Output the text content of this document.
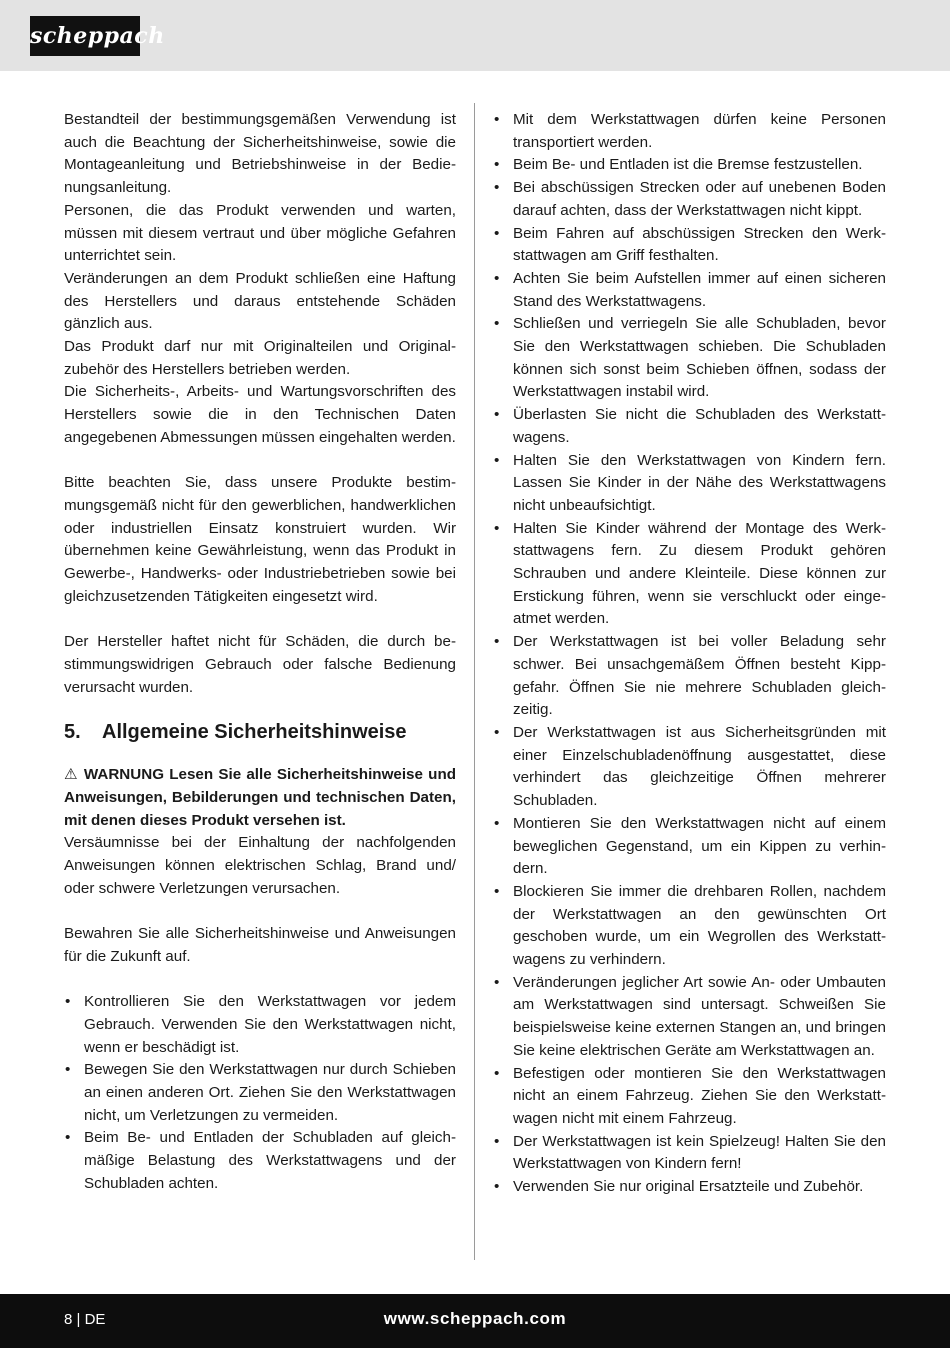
scheppach

Bestandteil der bestimmungsgemäßen Verwendung ist auch die Beachtung der Sicherheitshinweise, sowie die Montageanleitung und Betriebshinweise in der Bedienungsanleitung.

Personen, die das Produkt verwenden und warten, müssen mit diesem vertraut und über mögliche Gefahren unterrichtet sein.

Veränderungen an dem Produkt schließen eine Haftung des Herstellers und daraus entstehende Schäden gänzlich aus.

Das Produkt darf nur mit Originalteilen und Originalzubehör des Herstellers betrieben werden.

Die Sicherheits-, Arbeits- und Wartungsvorschriften des Herstellers sowie die in den Technischen Daten angegebenen Abmessungen müssen eingehalten werden.

Bitte beachten Sie, dass unsere Produkte bestimmungsgemäß nicht für den gewerblichen, handwerklichen oder industriellen Einsatz konstruiert wurden. Wir übernehmen keine Gewährleistung, wenn das Produkt in Gewerbe-, Handwerks- oder Industriebetrieben sowie bei gleichzusetzenden Tätigkeiten eingesetzt wird.

Der Hersteller haftet nicht für Schäden, die durch bestimmungswidrigen Gebrauch oder falsche Bedienung verursacht wurden.

5. Allgemeine Sicherheitshinweise

⚠ WARNUNG Lesen Sie alle Sicherheitshinweise und Anweisungen, Bebilderungen und technischen Daten, mit denen dieses Produkt versehen ist.

Versäumnisse bei der Einhaltung der nachfolgenden Anweisungen können elektrischen Schlag, Brand und/ oder schwere Verletzungen verursachen.

Bewahren Sie alle Sicherheitshinweise und Anweisungen für die Zukunft auf.

• Kontrollieren Sie den Werkstattwagen vor jedem Gebrauch. Verwenden Sie den Werkstattwagen nicht, wenn er beschädigt ist.
• Bewegen Sie den Werkstattwagen nur durch Schieben an einen anderen Ort. Ziehen Sie den Werkstattwagen nicht, um Verletzungen zu vermeiden.
• Beim Be- und Entladen der Schubladen auf gleichmäßige Belastung des Werkstattwagens und der Schubladen achten.
• Mit dem Werkstattwagen dürfen keine Personen transportiert werden.
• Beim Be- und Entladen ist die Bremse festzustellen.
• Bei abschüssigen Strecken oder auf unebenen Boden darauf achten, dass der Werkstattwagen nicht kippt.
• Beim Fahren auf abschüssigen Strecken den Werkstattwagen am Griff festhalten.
• Achten Sie beim Aufstellen immer auf einen sicheren Stand des Werkstattwagens.
• Schließen und verriegeln Sie alle Schubladen, bevor Sie den Werkstattwagen schieben. Die Schubladen können sich sonst beim Schieben öffnen, sodass der Werkstattwagen instabil wird.
• Überlasten Sie nicht die Schubladen des Werkstattwagens.
• Halten Sie den Werkstattwagen von Kindern fern. Lassen Sie Kinder in der Nähe des Werkstattwagens nicht unbeaufsichtigt.
• Halten Sie Kinder während der Montage des Werkstattwagens fern. Zu diesem Produkt gehören Schrauben und andere Kleinteile. Diese können zur Erstickung führen, wenn sie verschluckt oder eingeatmet werden.
• Der Werkstattwagen ist bei voller Beladung sehr schwer. Bei unsachgemäßem Öffnen besteht Kippgefahr. Öffnen Sie nie mehrere Schubladen gleichzeitig.
• Der Werkstattwagen ist aus Sicherheitsgründen mit einer Einzelschubladenöffnung ausgestattet, diese verhindert das gleichzeitige Öffnen mehrerer Schubladen.
• Montieren Sie den Werkstattwagen nicht auf einem beweglichen Gegenstand, um ein Kippen zu verhindern.
• Blockieren Sie immer die drehbaren Rollen, nachdem der Werkstattwagen an den gewünschten Ort geschoben wurde, um ein Wegrollen des Werkstattwagens zu verhindern.
• Veränderungen jeglicher Art sowie An- oder Umbauten am Werkstattwagen sind untersagt. Schweißen Sie beispielsweise keine externen Stangen an, und bringen Sie keine elektrischen Geräte am Werkstattwagen an.
• Befestigen oder montieren Sie den Werkstattwagen nicht an einem Fahrzeug. Ziehen Sie den Werkstattwagen nicht mit einem Fahrzeug.
• Der Werkstattwagen ist kein Spielzeug! Halten Sie den Werkstattwagen von Kindern fern!
• Verwenden Sie nur original Ersatzteile und Zubehör.
8 | DE	www.scheppach.com
